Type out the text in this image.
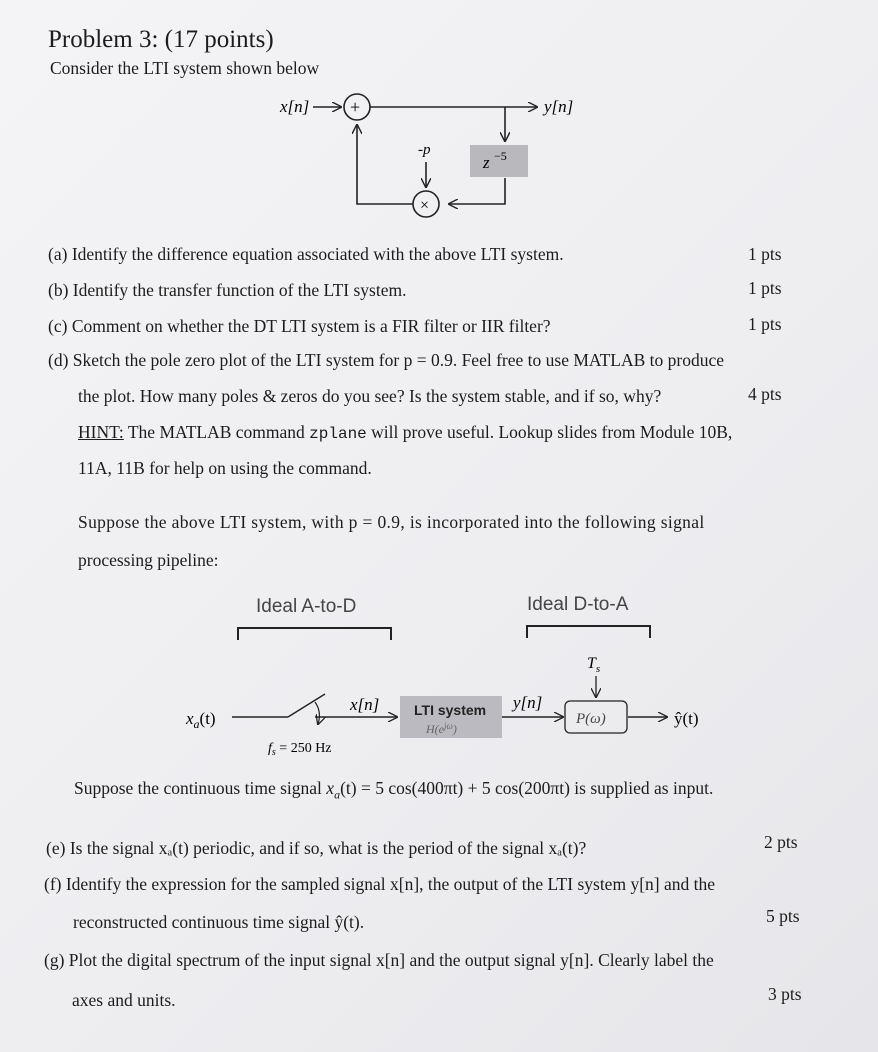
Problem 3: (17 points)
Consider the LTI system shown below
x[n] +	y[n]
z −5
×
-p
(a) Identify the difference equation associated with the above LTI system.	1 pts
(b) Identify the transfer function of the LTI system.	1 pts
(c) Comment on whether the DT LTI system is a FIR filter or IIR filter?	1 pts
(d) Sketch the pole zero plot of the LTI system for p = 0.9. Feel free to use MATLAB to produce
the plot. How many poles & zeros do you see? Is the system stable, and if so, why?	4 pts
HINT: The MATLAB command zplane will prove useful. Lookup slides from Module 10B,
11A, 11B for help on using the command.
Suppose the above LTI system, with p = 0.9, is incorporated into the following signal
processing pipeline:
Ideal A-to-D	Ideal D-to-A
$x_a(t)$
x[n]
$f_s = 250$ Hz
LTI system
$H(e^{j\omega})$
y[n]
$T_s$
P(ω)	ŷ(t)
Suppose the continuous time signal $x_a(t) = 5$ cos(400πt) + 5 cos(200πt) is supplied as input.
(e) Is the signal xₐ(t) periodic, and if so, what is the period of the signal xₐ(t)?	2 pts
(f) Identify the expression for the sampled signal x[n], the output of the LTI system y[n] and the
reconstructed continuous time signal ŷ(t).	5 pts
(g) Plot the digital spectrum of the input signal x[n] and the output signal y[n]. Clearly label the
axes and units.	3 pts
